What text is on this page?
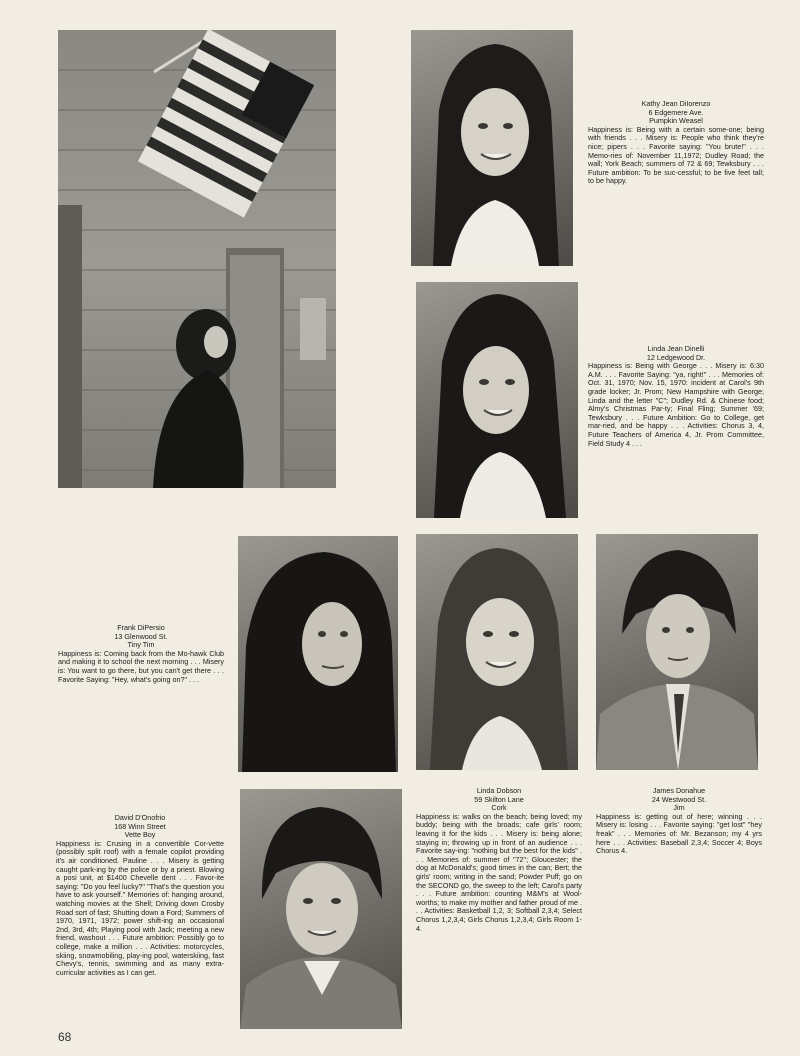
Kathy Jean DiIorenzo
6 Edgemere Ave.
Pumpkin Weasel

Happiness is: Being with a certain some-one; being with friends . . . Misery is: People who think they're nice; pipers . . . Favorite saying: "You brute!" . . . Memo-ries of: November 11,1972; Dudley Road; the wall; York Beach; summers of 72 & 69; Tewksbury . . . Future ambition: To be suc-cessful; to be five feet tall; to be happy.

Linda Jean Dinelli
12 Ledgewood Dr.

Happiness is: Being with George . . . Misery is: 6:30 A.M. . . . Favorite Saying: "ya, right!" . . . Memories of: Oct. 31, 1970; Nov. 15, 1970: incident at Carol's 9th grade locker; Jr. Prom; New Hampshire with George; Linda and the letter "C"; Dudley Rd. & Chinese food; Almy's Christmas Par-ty; Final Fling; Summer '69; Tewksbury . . . Future Ambition: Go to College, get mar-ried, and be happy . . . Activities: Chorus 3, 4, Future Teachers of America 4, Jr. Prom Committee, Field Study 4 . . .

Frank DiPersio
13 Glenwood St.
Tiny Tim

Happiness is: Coming back from the Mo-hawk Club and making it to school the next morning . . . Misery is: You want to go there, but you can't get there . . . Favorite Saying: "Hey, what's going on?" . . .

Linda Dobson
59 Skilton Lane
Cork

Happiness is: walks on the beach; being loved; my buddy; being with the broads; cafe girls' room; leaving it for the kids . . . Misery is: being alone; staying in; throwing up in front of an audience . . . Favorite say-ing: "nothing but the best for the kids" . . . Memories of: summer of "72"; Gloucester; the dog at McDonald's; good times in the can; Bert; the girls' room; writing in the sand; Powder Puff; go on the SECOND go, the sweep to the left; Carol's party . . . Future ambition: counting M&M's at Wool-worths; to make my mother and father proud of me . . . Activities: Basketball 1,2, 3; Softball 2,3,4; Select Chorus 1,2,3,4; Girls Chorus 1,2,3,4; Girls Room 1-4.

James Donahue
24 Westwood St.
Jim

Happiness is: getting out of here; winning . . . Misery is: losing . . . Favorite saying: "get lost" "hey freak" . . . Memories of: Mr. Bezanson; my 4 yrs here . . . Activities: Baseball 2,3,4; Soccer 4; Boys Chorus 4.

David D'Onofrio
168 Winn Street
Vette Boy

Happiness is: Crusing in a convertible Cor-vette (possibly split roof) with a female copilot providing it's air conditioned. Pauline . . . Misery is getting caught park-ing by the police or by a priest. Blowing a posi unit, at $1400 Chevelle dent . . . Favor-ite saying: "Do you feel lucky?" "That's the question you have to ask yourself." Memories of: hanging around, watching movies at the Shell; Driving down Crosby Road sort of fast; Shutting down a Ford; Summers of 1970, 1971, 1972; power shift-ing an occasional 2nd, 3rd, 4th; Playing pool with Jack; meeting a new friend, washout . . . Future ambition: Possibly go to college, make a million . . . Activities: motorcycles, skiing, snowmobiling, play-ing pool, waterskiing, fast Chevy's, tennis, swimming and as many extra-curricular activities as I can get.

68
